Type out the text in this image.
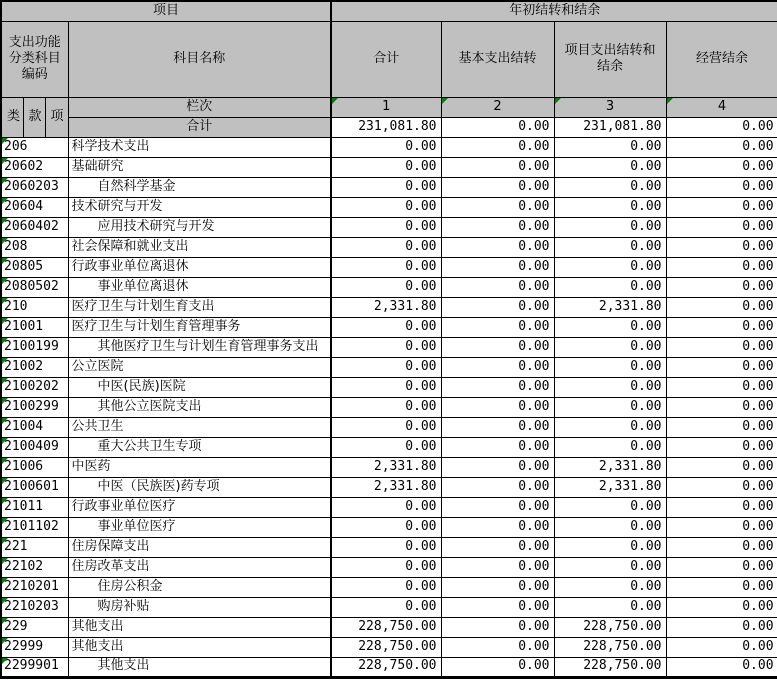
项目				年初结转和结余			
支出功能分类科目编码			科目名称	合计	基本支出结转	项目支出结转和结余	经营结余
类	款	项	栏次	1	2	3	4
			合计	231,081.80	0.00	231,081.80	0.00

206			科学技术支出	0.00	0.00	0.00	0.00

20602			基础研究	0.00	0.00	0.00	0.00

2060203			自然科学基金	0.00	0.00	0.00	0.00

20604			技术研究与开发	0.00	0.00	0.00	0.00

2060402			应用技术研究与开发	0.00	0.00	0.00	0.00

208			社会保障和就业支出	0.00	0.00	0.00	0.00

20805			行政事业单位离退休	0.00	0.00	0.00	0.00

2080502			事业单位离退休	0.00	0.00	0.00	0.00

210			医疗卫生与计划生育支出	2,331.80	0.00	2,331.80	0.00

21001			医疗卫生与计划生育管理事务	0.00	0.00	0.00	0.00

2100199			其他医疗卫生与计划生育管理事务支出	0.00	0.00	0.00	0.00

21002			公立医院	0.00	0.00	0.00	0.00

2100202			中医(民族)医院	0.00	0.00	0.00	0.00

2100299			其他公立医院支出	0.00	0.00	0.00	0.00

21004			公共卫生	0.00	0.00	0.00	0.00

2100409			重大公共卫生专项	0.00	0.00	0.00	0.00

21006			中医药	2,331.80	0.00	2,331.80	0.00

2100601			中医（民族医)药专项	2,331.80	0.00	2,331.80	0.00

21011			行政事业单位医疗	0.00	0.00	0.00	0.00

2101102			事业单位医疗	0.00	0.00	0.00	0.00

221			住房保障支出	0.00	0.00	0.00	0.00

22102			住房改革支出	0.00	0.00	0.00	0.00

2210201			住房公积金	0.00	0.00	0.00	0.00

2210203			购房补贴	0.00	0.00	0.00	0.00

229			其他支出	228,750.00	0.00	228,750.00	0.00

22999			其他支出	228,750.00	0.00	228,750.00	0.00

2299901			其他支出	228,750.00	0.00	228,750.00	0.00
